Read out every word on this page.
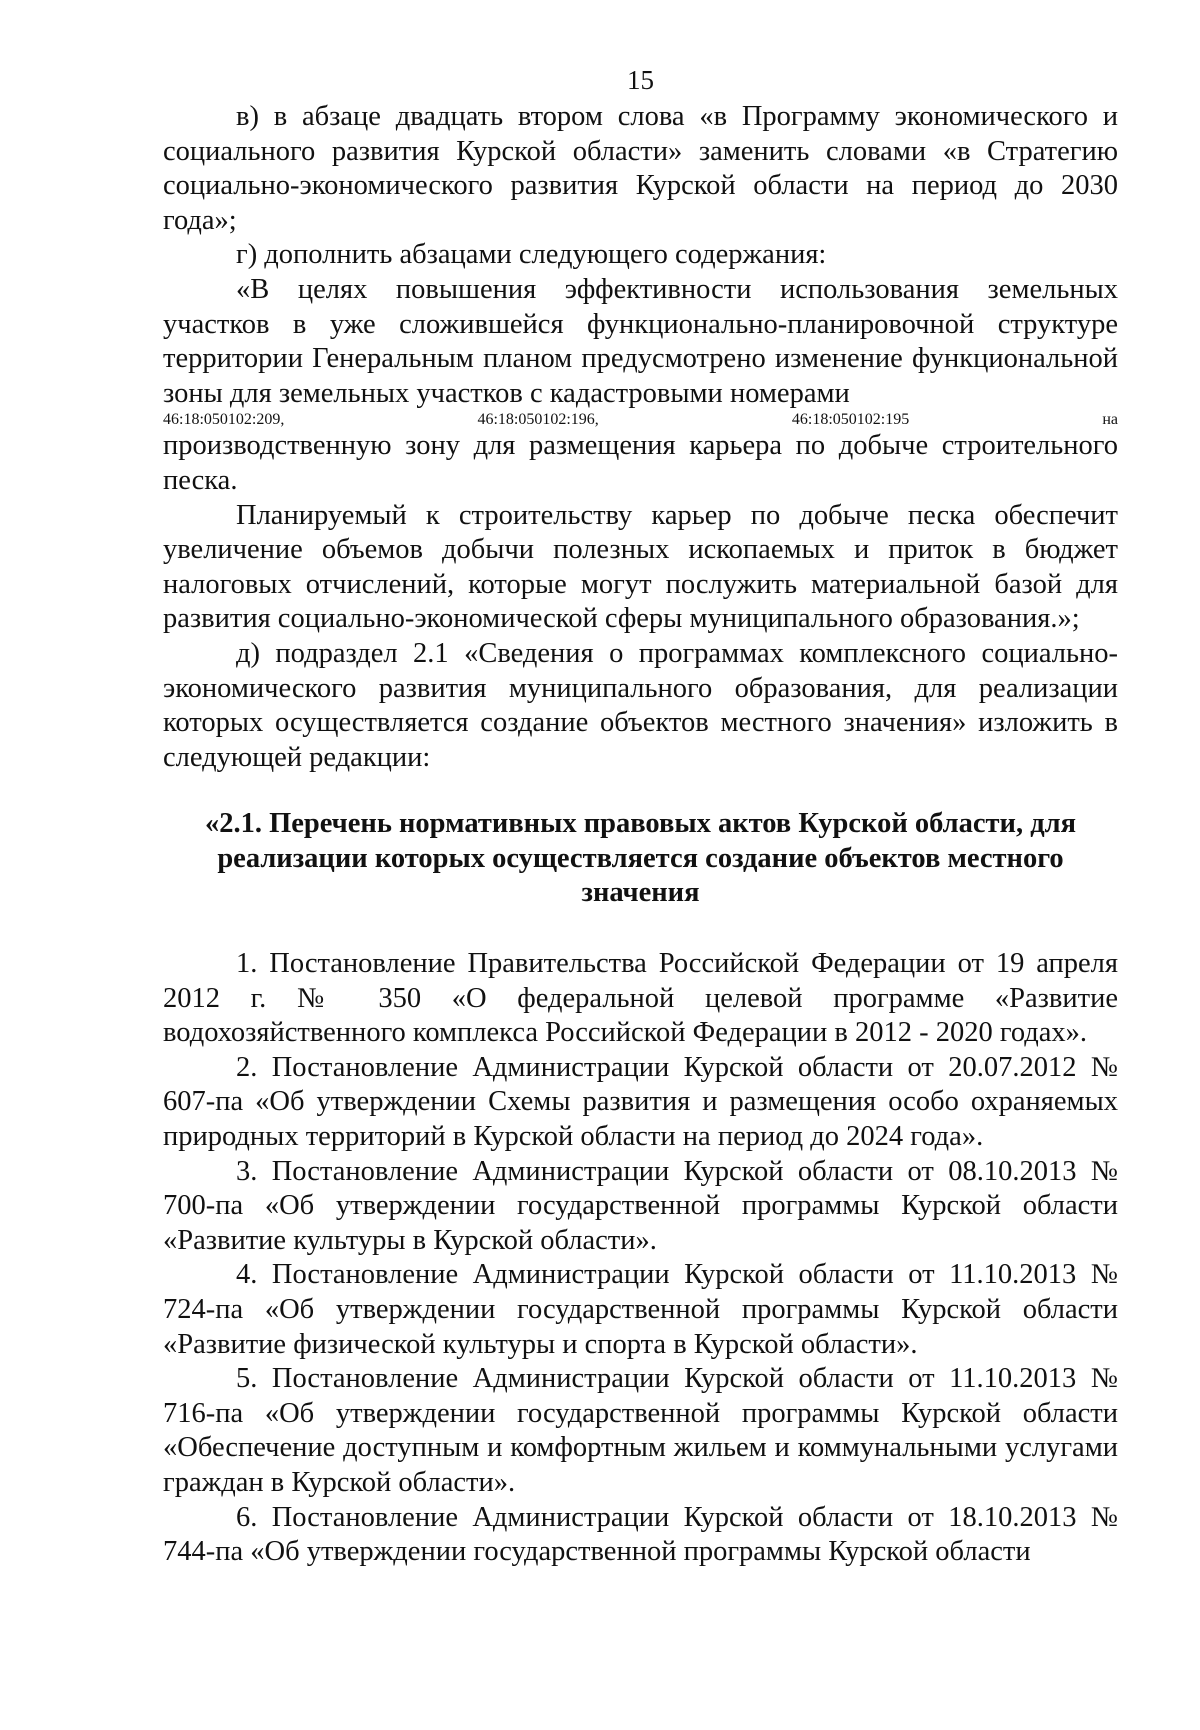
15

в) в абзаце двадцать втором слова «в Программу экономического и социального развития Курской области» заменить словами «в Стратегию социально-экономического развития Курской области на период до 2030 года»;

г) дополнить абзацами следующего содержания:

«В целях повышения эффективности использования земельных участков в уже сложившейся функционально-планировочной структуре территории Генеральным планом предусмотрено изменение функциональной зоны для земельных участков с кадастровыми номерами

46:18:050102:209,	46:18:050102:196,	46:18:050102:195	на

производственную зону для размещения карьера по добыче строительного песка.

Планируемый к строительству карьер по добыче песка обеспечит увеличение объемов добычи полезных ископаемых и приток в бюджет налоговых отчислений, которые могут послужить материальной базой для развития социально-экономической сферы муниципального образования.»;

д) подраздел 2.1 «Сведения о программах комплексного социально-экономического развития муниципального образования, для реализации которых осуществляется создание объектов местного значения» изложить в следующей редакции:

«2.1. Перечень нормативных правовых актов Курской области, для
реализации которых осуществляется создание объектов местного
значения

1. Постановление Правительства Российской Федерации от 19 апреля 2012 г. № 350 «О федеральной целевой программе «Развитие водохозяйственного комплекса Российской Федерации в 2012 - 2020 годах».

2. Постановление Администрации Курской области от 20.07.2012 № 607-па «Об утверждении Схемы развития и размещения особо охраняемых природных территорий в Курской области на период до 2024 года».

3. Постановление Администрации Курской области от 08.10.2013 № 700-па «Об утверждении государственной программы Курской области «Развитие культуры в Курской области».

4. Постановление Администрации Курской области от 11.10.2013 № 724-па «Об утверждении государственной программы Курской области «Развитие физической культуры и спорта в Курской области».

5. Постановление Администрации Курской области от 11.10.2013 № 716-па «Об утверждении государственной программы Курской области «Обеспечение доступным и комфортным жильем и коммунальными услугами граждан в Курской области».

6. Постановление Администрации Курской области от 18.10.2013 № 744-па «Об утверждении государственной программы Курской области
